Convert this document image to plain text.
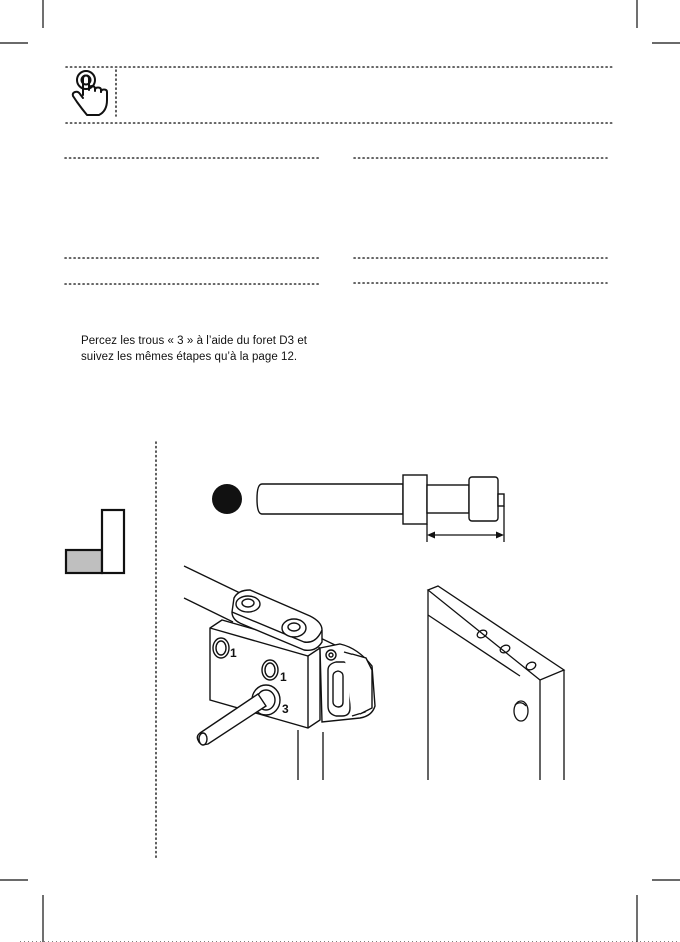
Percez les trous « 3 » à l’aide du foret D3 et
suivez les mêmes étapes qu’à la page 12.
1
1
3
